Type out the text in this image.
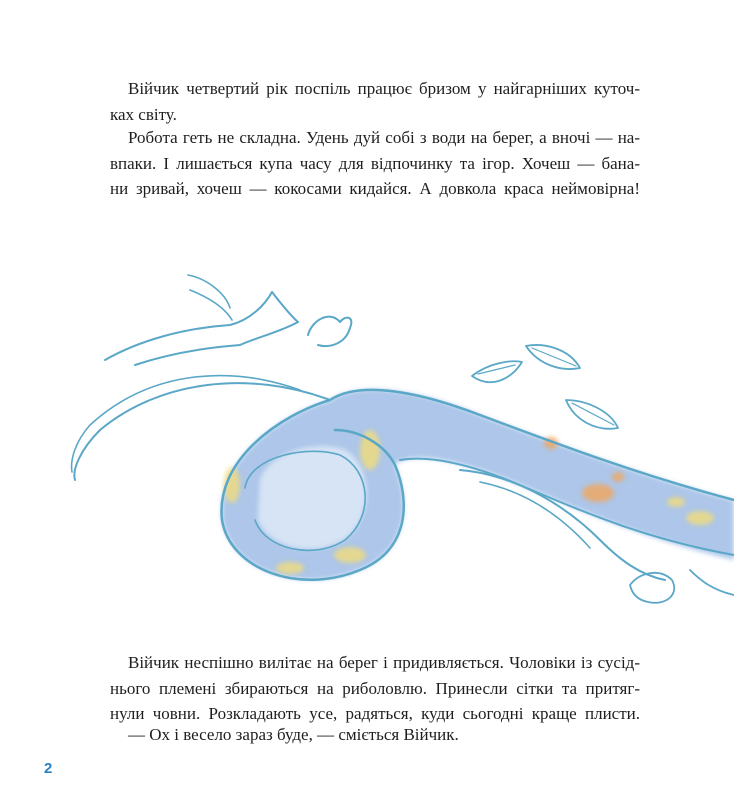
Війчик четвертий рік поспіль працює бризом у найгарніших куточ-
ках світу.

Робота геть не складна. Удень дуй собі з води на берег, а вночі — на-
впаки. І лишається купа часу для відпочинку та ігор. Хочеш — бана-
ни зривай, хочеш — кокосами кидайся. А довкола краса неймовірна!

Війчик неспішно вилітає на берег і придивляється. Чоловіки із сусід-
нього племені збираються на риболовлю. Принесли сітки та притяг-
нули човни. Розкладають усе, радяться, куди сьогодні краще плисти.

— Ох і весело зараз буде, — сміється Війчик.

2
